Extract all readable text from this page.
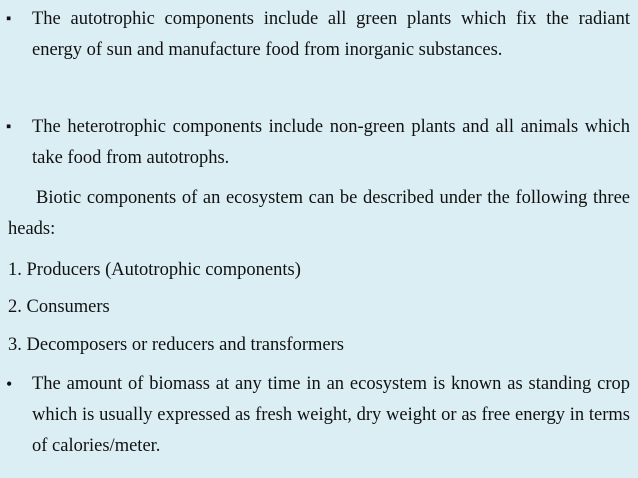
▪ The autotrophic components include all green plants which fix the radiant energy of sun and manufacture food from inorganic substances.
▪ The heterotrophic components include non-green plants and all animals which take food from autotrophs.
Biotic components of an ecosystem can be described under the following three heads:
1. Producers (Autotrophic components)
2. Consumers
3. Decomposers or reducers and transformers
• The amount of biomass at any time in an ecosystem is known as standing crop which is usually expressed as fresh weight, dry weight or as free energy in terms of calories/meter.
